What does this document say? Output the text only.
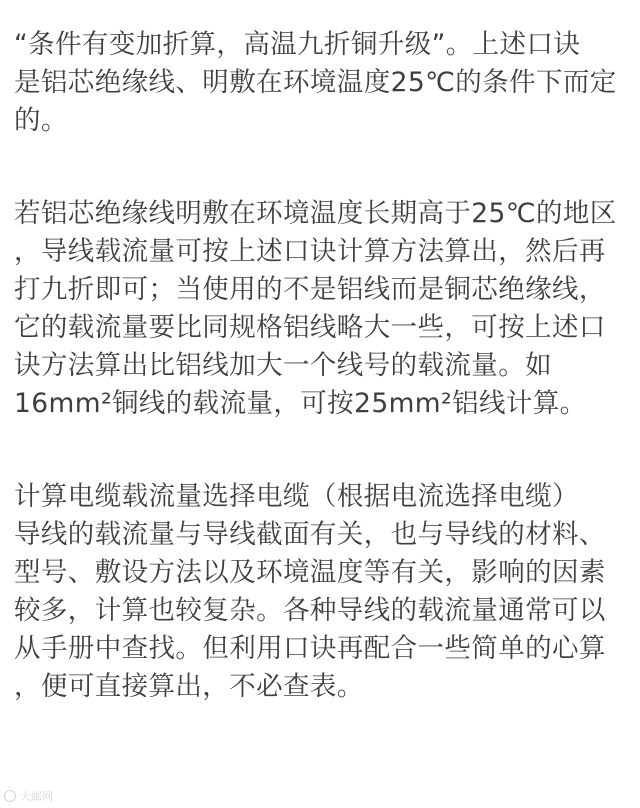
“条件有变加折算，高温九折铜升级”。上述口诀
是铝芯绝缘线、明敷在环境温度25℃的条件下而定
的。
若铝芯绝缘线明敷在环境温度长期高于25℃的地区
，导线载流量可按上述口诀计算方法算出，然后再
打九折即可；当使用的不是铝线而是铜芯绝缘线，
它的载流量要比同规格铝线略大一些，可按上述口
诀方法算出比铝线加大一个线号的载流量。如
16mm²铜线的载流量，可按25mm²铝线计算。
计算电缆载流量选择电缆（根据电流选择电缆）
导线的载流量与导线截面有关，也与导线的材料、
型号、敷设方法以及环境温度等有关，影响的因素
较多，计算也较复杂。各种导线的载流量通常可以
从手册中查找。但利用口诀再配合一些简单的心算
，便可直接算出，不必查表。
大邮网
